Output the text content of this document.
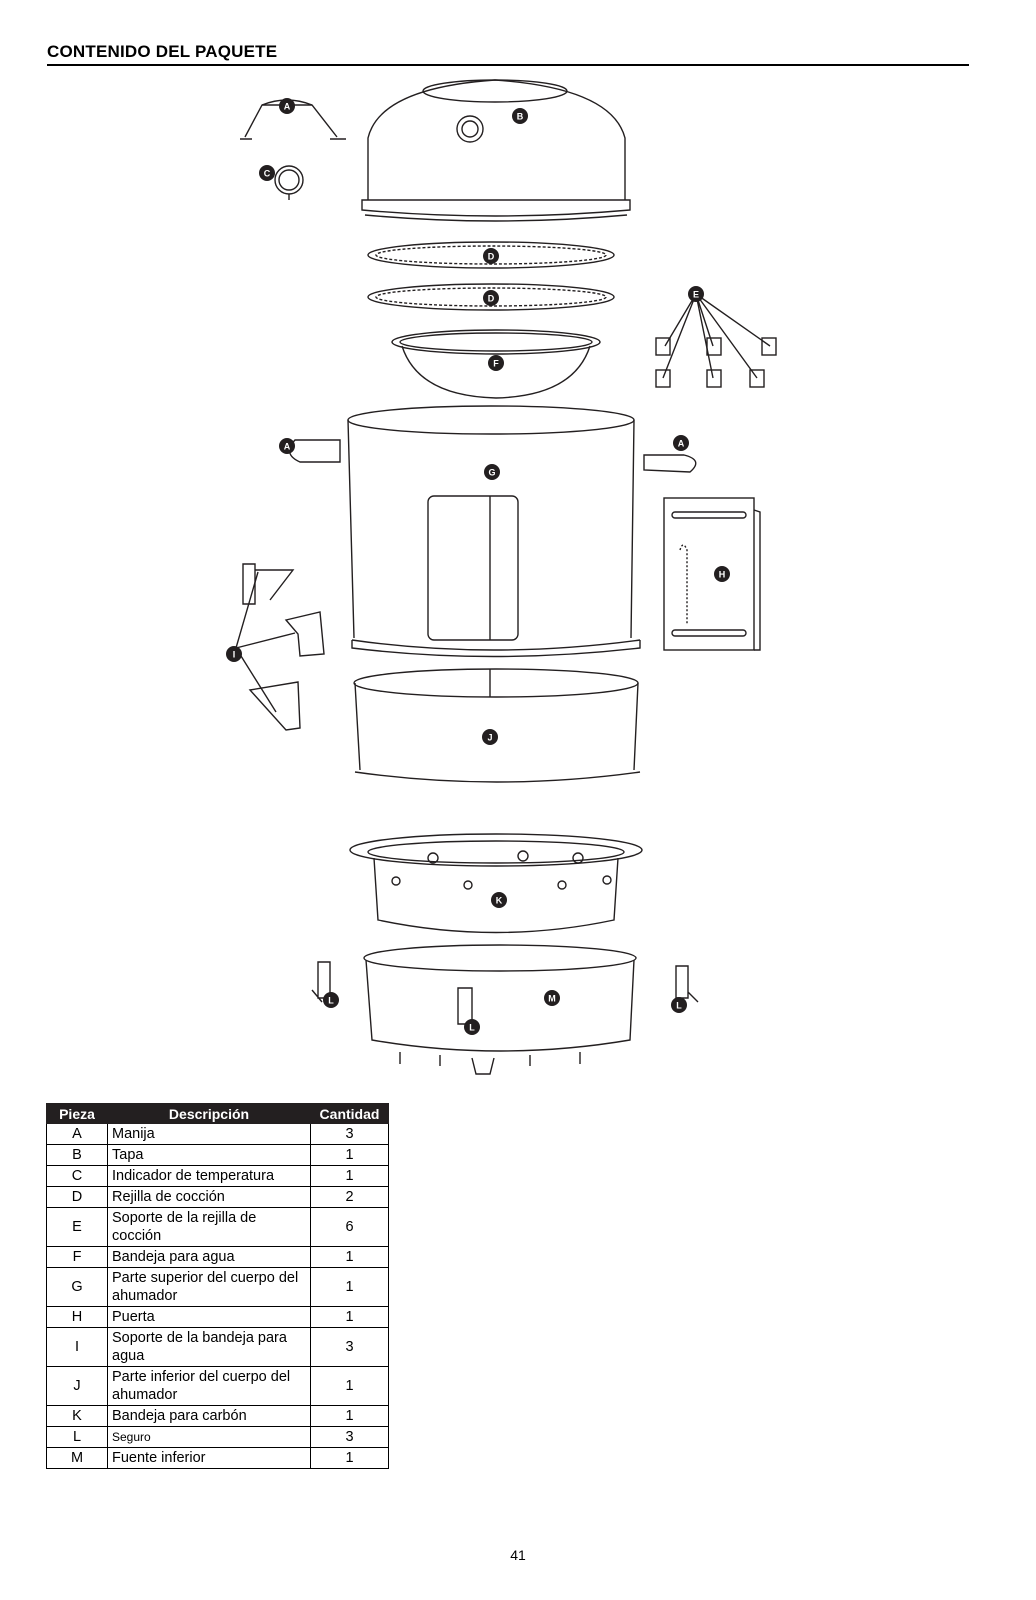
CONTENIDO DEL PAQUETE
A
B
C
D
D	E
F
A	A
G
H
I
J
K
L
L
L
M
Pieza	Descripción	Cantidad
A	Manija	3
B	Tapa	1
C	Indicador de temperatura	1
D	Rejilla de cocción	2
E	Soporte de la rejilla de cocción	6
F	Bandeja para agua	1
G	Parte superior del cuerpo del ahumador	1
H	Puerta	1
I	Soporte de la bandeja para agua	3
J	Parte inferior del cuerpo del ahumador	1
K	Bandeja para carbón	1
L	Seguro	3
M	Fuente inferior	1
41
